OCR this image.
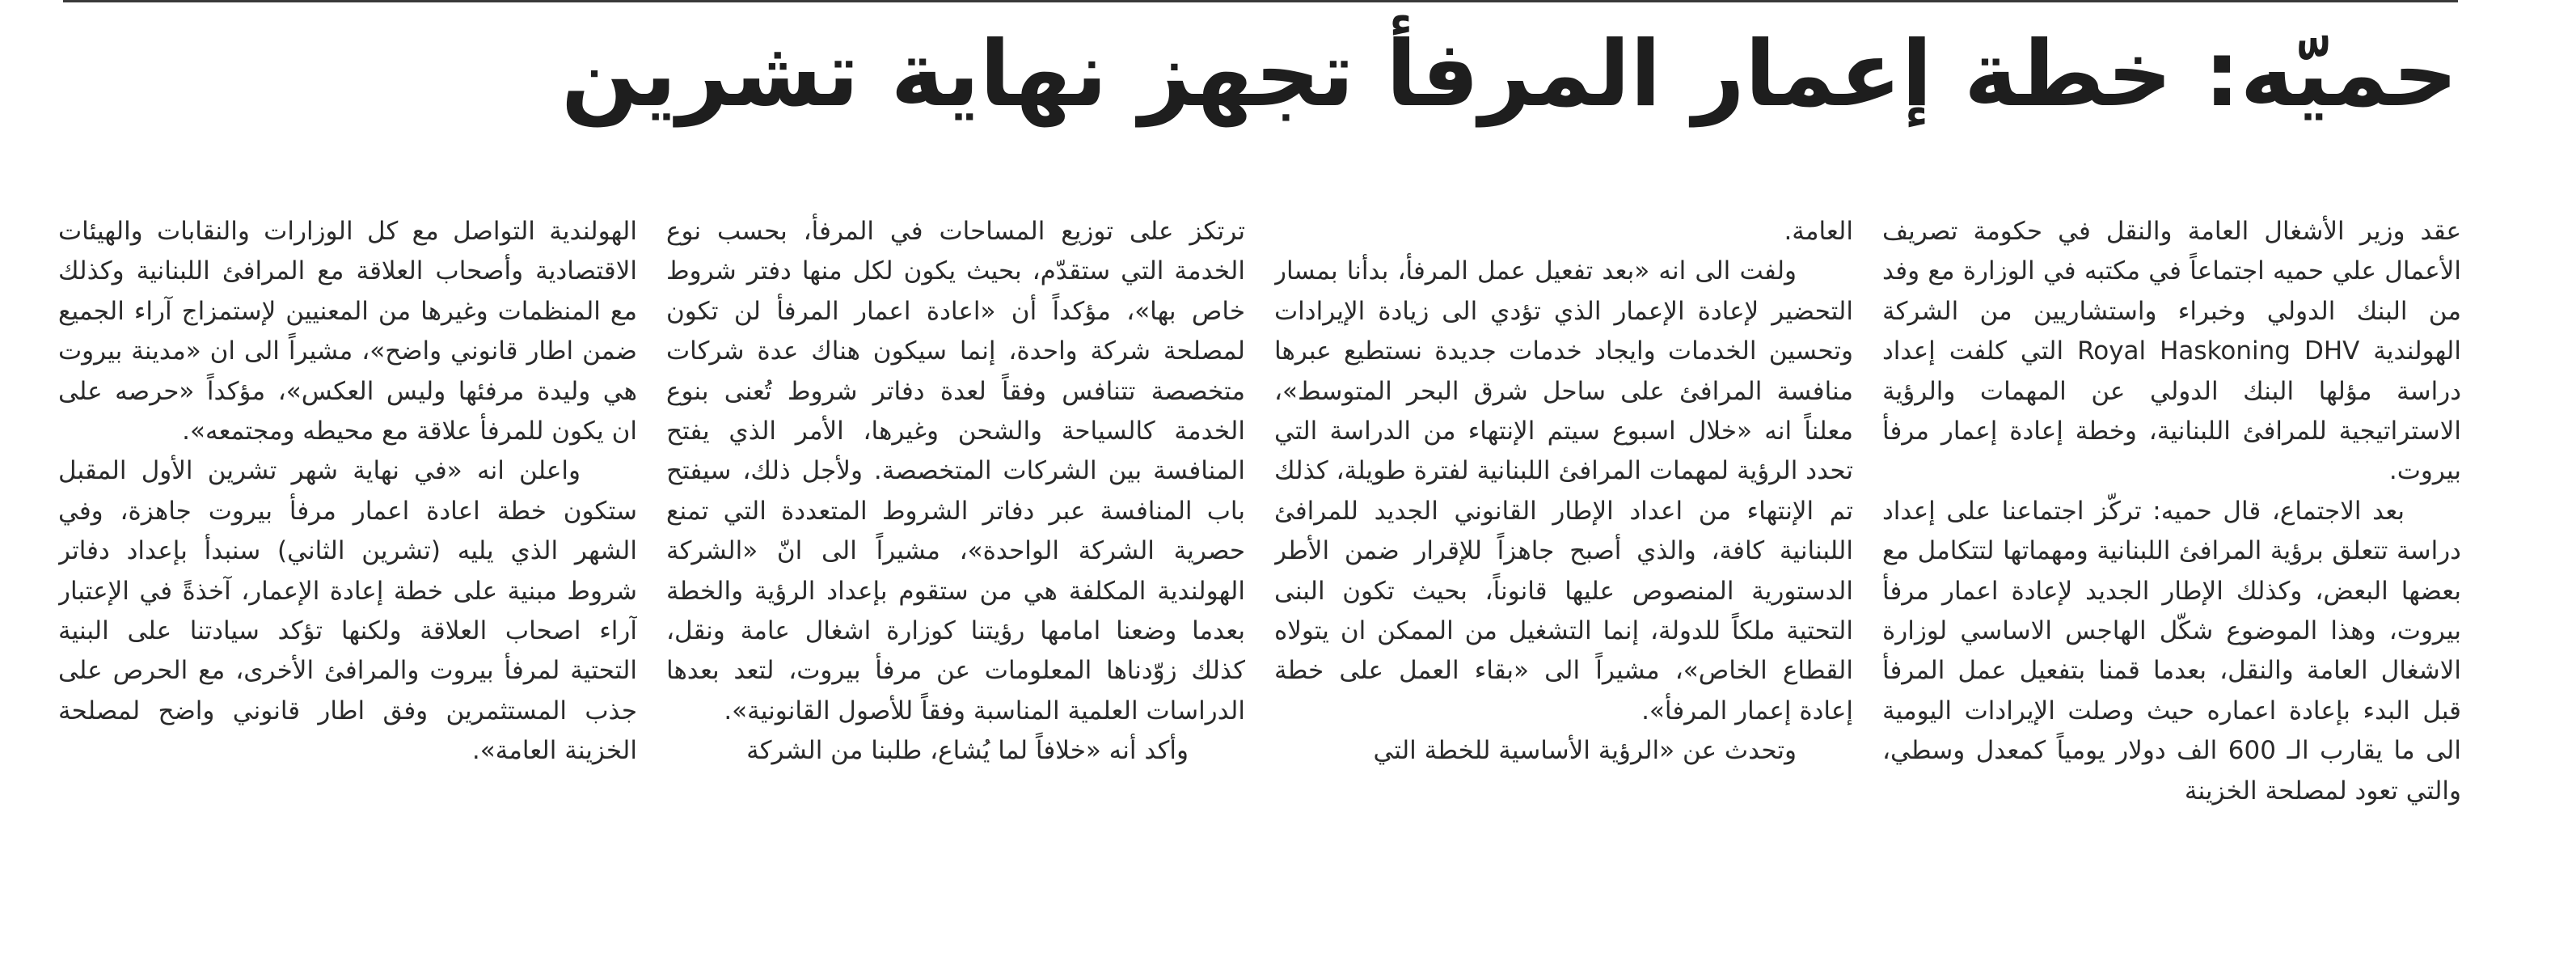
حميّه: خطة إعمار المرفأ تجهز نهاية تشرين

عقد وزير الأشغال العامة والنقل في حكومة تصريف الأعمال علي حميه اجتماعاً في مكتبه في الوزارة مع وفد من البنك الدولي وخبراء واستشاريين من الشركة الهولندية Royal Haskoning DHV التي كلفت إعداد دراسة مؤلها البنك الدولي عن المهمات والرؤية الاستراتيجية للمرافئ اللبنانية، وخطة إعادة إعمار مرفأ بيروت.

بعد الاجتماع، قال حميه: تركّز اجتماعنا على إعداد دراسة تتعلق برؤية المرافئ اللبنانية ومهماتها لتتكامل مع بعضها البعض، وكذلك الإطار الجديد لإعادة اعمار مرفأ بيروت، وهذا الموضوع شكّل الهاجس الاساسي لوزارة الاشغال العامة والنقل، بعدما قمنا بتفعيل عمل المرفأ قبل البدء بإعادة اعماره حيث وصلت الإيرادات اليومية الى ما يقارب الـ 600 الف دولار يومياً كمعدل وسطي، والتي تعود لمصلحة الخزينة

العامة.

ولفت الى انه «بعد تفعيل عمل المرفأ، بدأنا بمسار التحضير لإعادة الإعمار الذي تؤدي الى زيادة الإيرادات وتحسين الخدمات وايجاد خدمات جديدة نستطيع عبرها منافسة المرافئ على ساحل شرق البحر المتوسط»، معلناً انه «خلال اسبوع سيتم الإنتهاء من الدراسة التي تحدد الرؤية لمهمات المرافئ اللبنانية لفترة طويلة، كذلك تم الإنتهاء من اعداد الإطار القانوني الجديد للمرافئ اللبنانية كافة، والذي أصبح جاهزاً للإقرار ضمن الأطر الدستورية المنصوص عليها قانوناً، بحيث تكون البنى التحتية ملكاً للدولة، إنما التشغيل من الممكن ان يتولاه القطاع الخاص»، مشيراً الى «بقاء العمل على خطة إعادة إعمار المرفأ».

وتحدث عن «الرؤية الأساسية للخطة التي

ترتكز على توزيع المساحات في المرفأ، بحسب نوع الخدمة التي ستقدّم، بحيث يكون لكل منها دفتر شروط خاص بها»، مؤكداً أن «اعادة اعمار المرفأ لن تكون لمصلحة شركة واحدة، إنما سيكون هناك عدة شركات متخصصة تتنافس وفقاً لعدة دفاتر شروط تُعنى بنوع الخدمة كالسياحة والشحن وغيرها، الأمر الذي يفتح المنافسة بين الشركات المتخصصة. ولأجل ذلك، سيفتح باب المنافسة عبر دفاتر الشروط المتعددة التي تمنع حصرية الشركة الواحدة»، مشيراً الى انّ «الشركة الهولندية المكلفة هي من ستقوم بإعداد الرؤية والخطة بعدما وضعنا امامها رؤيتنا كوزارة اشغال عامة ونقل، كذلك زوّدناها المعلومات عن مرفأ بيروت، لتعد بعدها الدراسات العلمية المناسبة وفقاً للأصول القانونية».

وأكد أنه «خلافاً لما يُشاع، طلبنا من الشركة

الهولندية التواصل مع كل الوزارات والنقابات والهيئات الاقتصادية وأصحاب العلاقة مع المرافئ اللبنانية وكذلك مع المنظمات وغيرها من المعنيين لإستمزاج آراء الجميع ضمن اطار قانوني واضح»، مشيراً الى ان «مدينة بيروت هي وليدة مرفئها وليس العكس»، مؤكداً «حرصه على ان يكون للمرفأ علاقة مع محيطه ومجتمعه».

واعلن انه «في نهاية شهر تشرين الأول المقبل ستكون خطة اعادة اعمار مرفأ بيروت جاهزة، وفي الشهر الذي يليه (تشرين الثاني) سنبدأ بإعداد دفاتر شروط مبنية على خطة إعادة الإعمار، آخذةً في الإعتبار آراء اصحاب العلاقة ولكنها تؤكد سيادتنا على البنية التحتية لمرفأ بيروت والمرافئ الأخرى، مع الحرص على جذب المستثمرين وفق اطار قانوني واضح لمصلحة الخزينة العامة».
